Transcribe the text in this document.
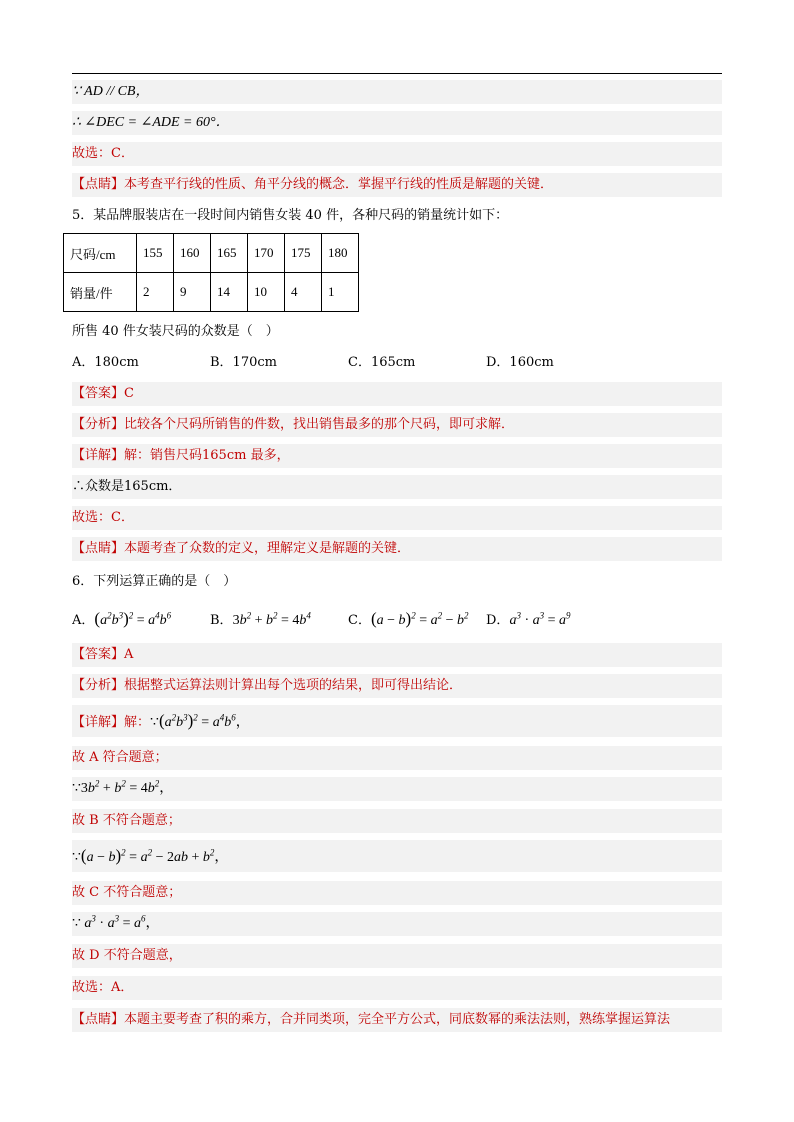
∵ AD // CB，
∴ ∠DEC = ∠ADE = 60°．
故选：C．
【点睛】本考查平行线的性质、角平分线的概念．掌握平行线的性质是解题的关键．
5．某品牌服装店在一段时间内销售女装 40 件，各种尺码的销量统计如下：
尺码/cm	155	160	165	170	175	180
销量/件	2	9	14	10	4	1
所售 40 件女装尺码的众数是（　）
A．180cm	B．170cm	C．165cm	D．160cm
【答案】C
【分析】比较各个尺码所销售的件数，找出销售最多的那个尺码，即可求解．
【详解】解：销售尺码165cm 最多，
∴众数是165cm．
故选：C．
【点睛】本题考查了众数的定义，理解定义是解题的关键．
6．下列运算正确的是（　）
A．$(a^2b^3)^2 = a^4b^6$	B．$3b^2 + b^2 = 4b^4$	C．$(a - b)^2 = a^2 - b^2$ D．$a^3 \cdot a^3 = a^9$
【答案】A
【分析】根据整式运算法则计算出每个选项的结果，即可得出结论．
【详解】解：$\because(a^2b^3)^2 = a^4b^6$，
故 A 符合题意；
$\because 3b^2 + b^2 = 4b^2$，
故 B 不符合题意；
∵(a − $b)^2 = a^2 - 2ab + b^2$，
故 C 不符合题意；
∵ $a^3 \cdot a^3 = a^6$，
故 D 不符合题意，
故选：A．
【点睛】本题主要考查了积的乘方，合并同类项，完全平方公式，同底数幂的乘法法则，熟练掌握运算法
